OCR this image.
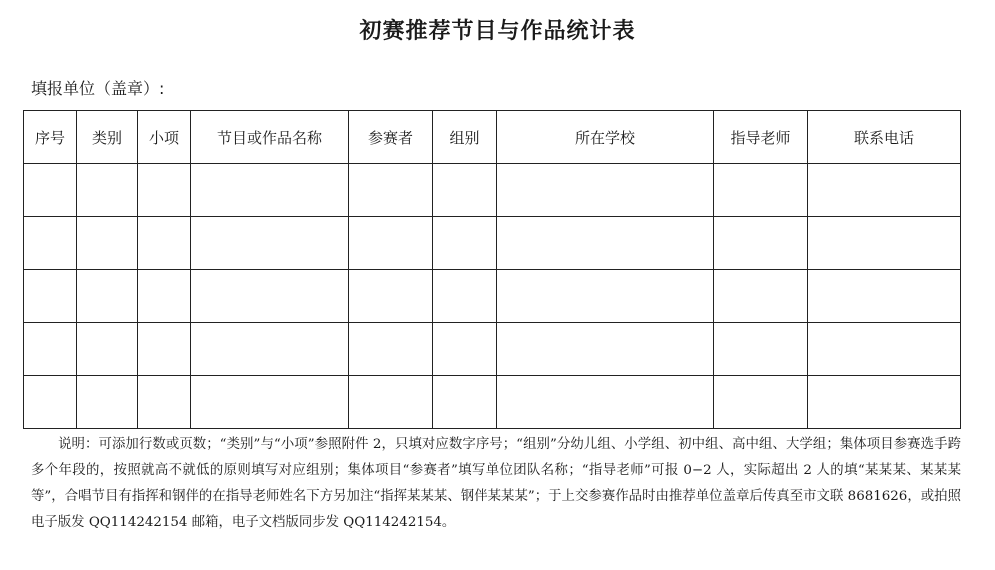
初赛推荐节目与作品统计表
填报单位（盖章）:
序号	类别	小项	节目或作品名称	参赛者	组别	所在学校	指导老师	联系电话

说明：可添加行数或页数；“类别”与“小项”参照附件 2，只填对应数字序号；“组别”分幼儿组、小学组、初中组、高中组、大学组；集体项目参赛选手跨多个年段的，按照就高不就低的原则填写对应组别；集体项目“参赛者”填写单位团队名称；“指导老师”可报 0−2 人，实际超出 2 人的填“某某某、某某某等”，合唱节目有指挥和钢伴的在指导老师姓名下方另加注“指挥某某某、钢伴某某某”；于上交参赛作品时由推荐单位盖章后传真至市文联 8681626，或拍照电子版发 QQ114242154 邮箱，电子文档版同步发 QQ114242154。
